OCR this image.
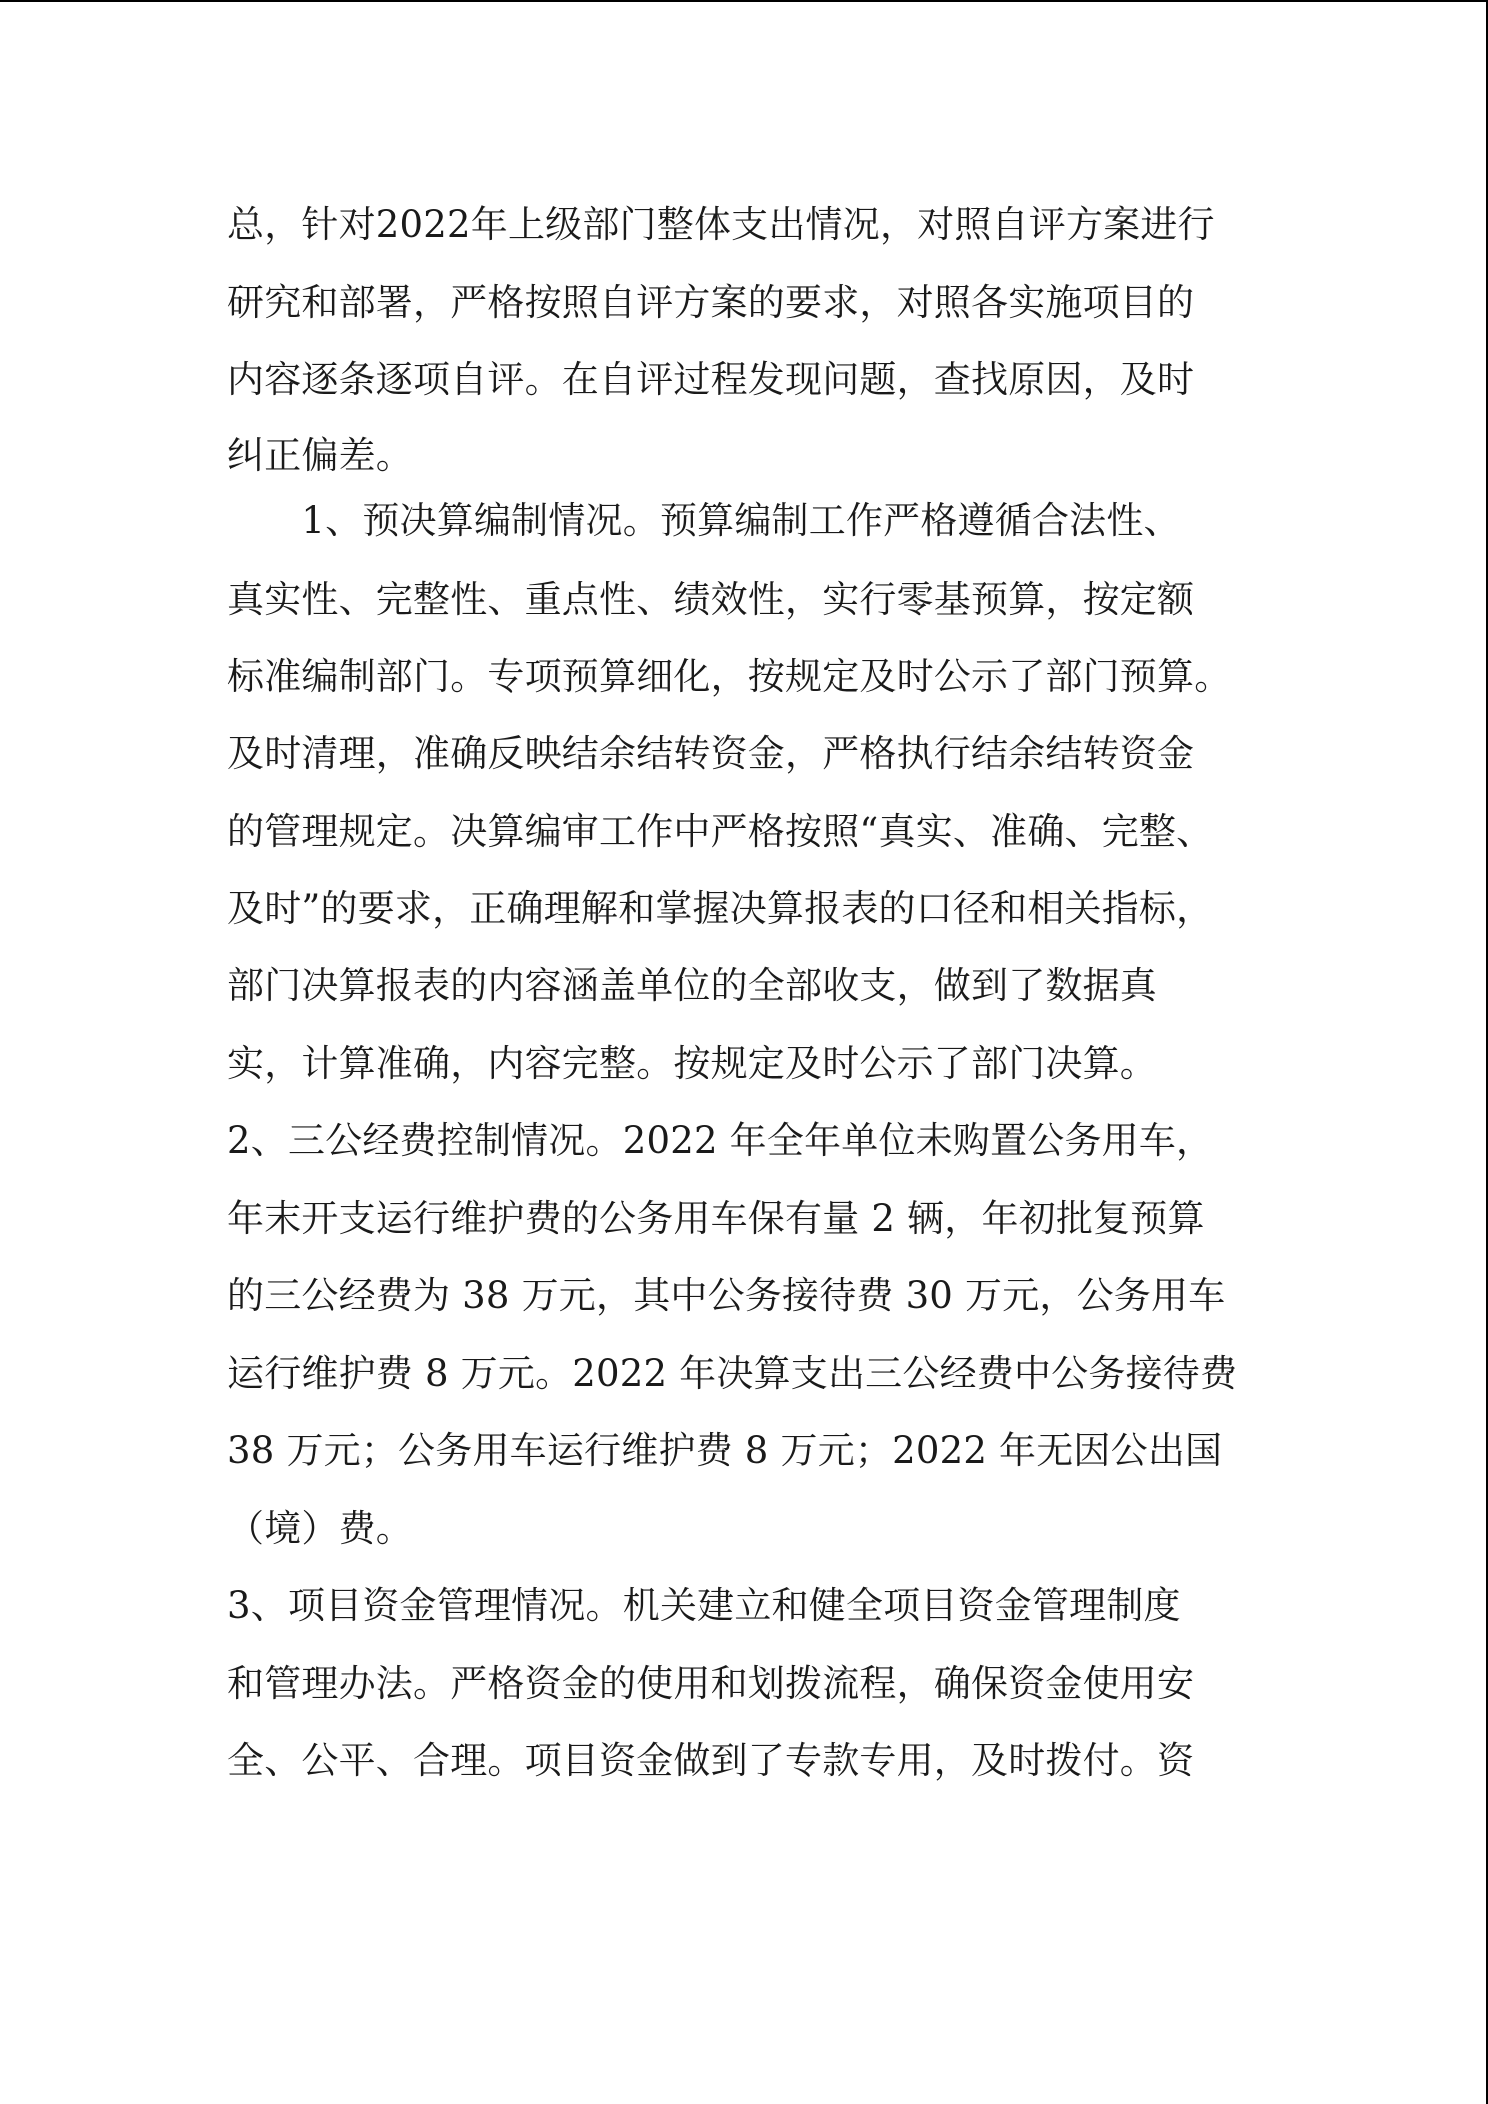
总，针对2022年上级部门整体支出情况，对照自评方案进行
研究和部署，严格按照自评方案的要求，对照各实施项目的
内容逐条逐项自评。在自评过程发现问题，查找原因，及时
纠正偏差。
　　1、预决算编制情况。预算编制工作严格遵循合法性、
真实性、完整性、重点性、绩效性，实行零基预算，按定额
标准编制部门。专项预算细化，按规定及时公示了部门预算。
及时清理，准确反映结余结转资金，严格执行结余结转资金
的管理规定。决算编审工作中严格按照“真实、准确、完整、
及时”的要求，正确理解和掌握决算报表的口径和相关指标，
部门决算报表的内容涵盖单位的全部收支，做到了数据真
实，计算准确，内容完整。按规定及时公示了部门决算。
2、三公经费控制情况。2022 年全年单位未购置公务用车，
年末开支运行维护费的公务用车保有量 2 辆，年初批复预算
的三公经费为 38 万元，其中公务接待费 30 万元，公务用车
运行维护费 8 万元。2022 年决算支出三公经费中公务接待费
38 万元；公务用车运行维护费 8 万元；2022 年无因公出国
（境）费。
3、项目资金管理情况。机关建立和健全项目资金管理制度
和管理办法。严格资金的使用和划拨流程，确保资金使用安
全、公平、合理。项目资金做到了专款专用，及时拨付。资
